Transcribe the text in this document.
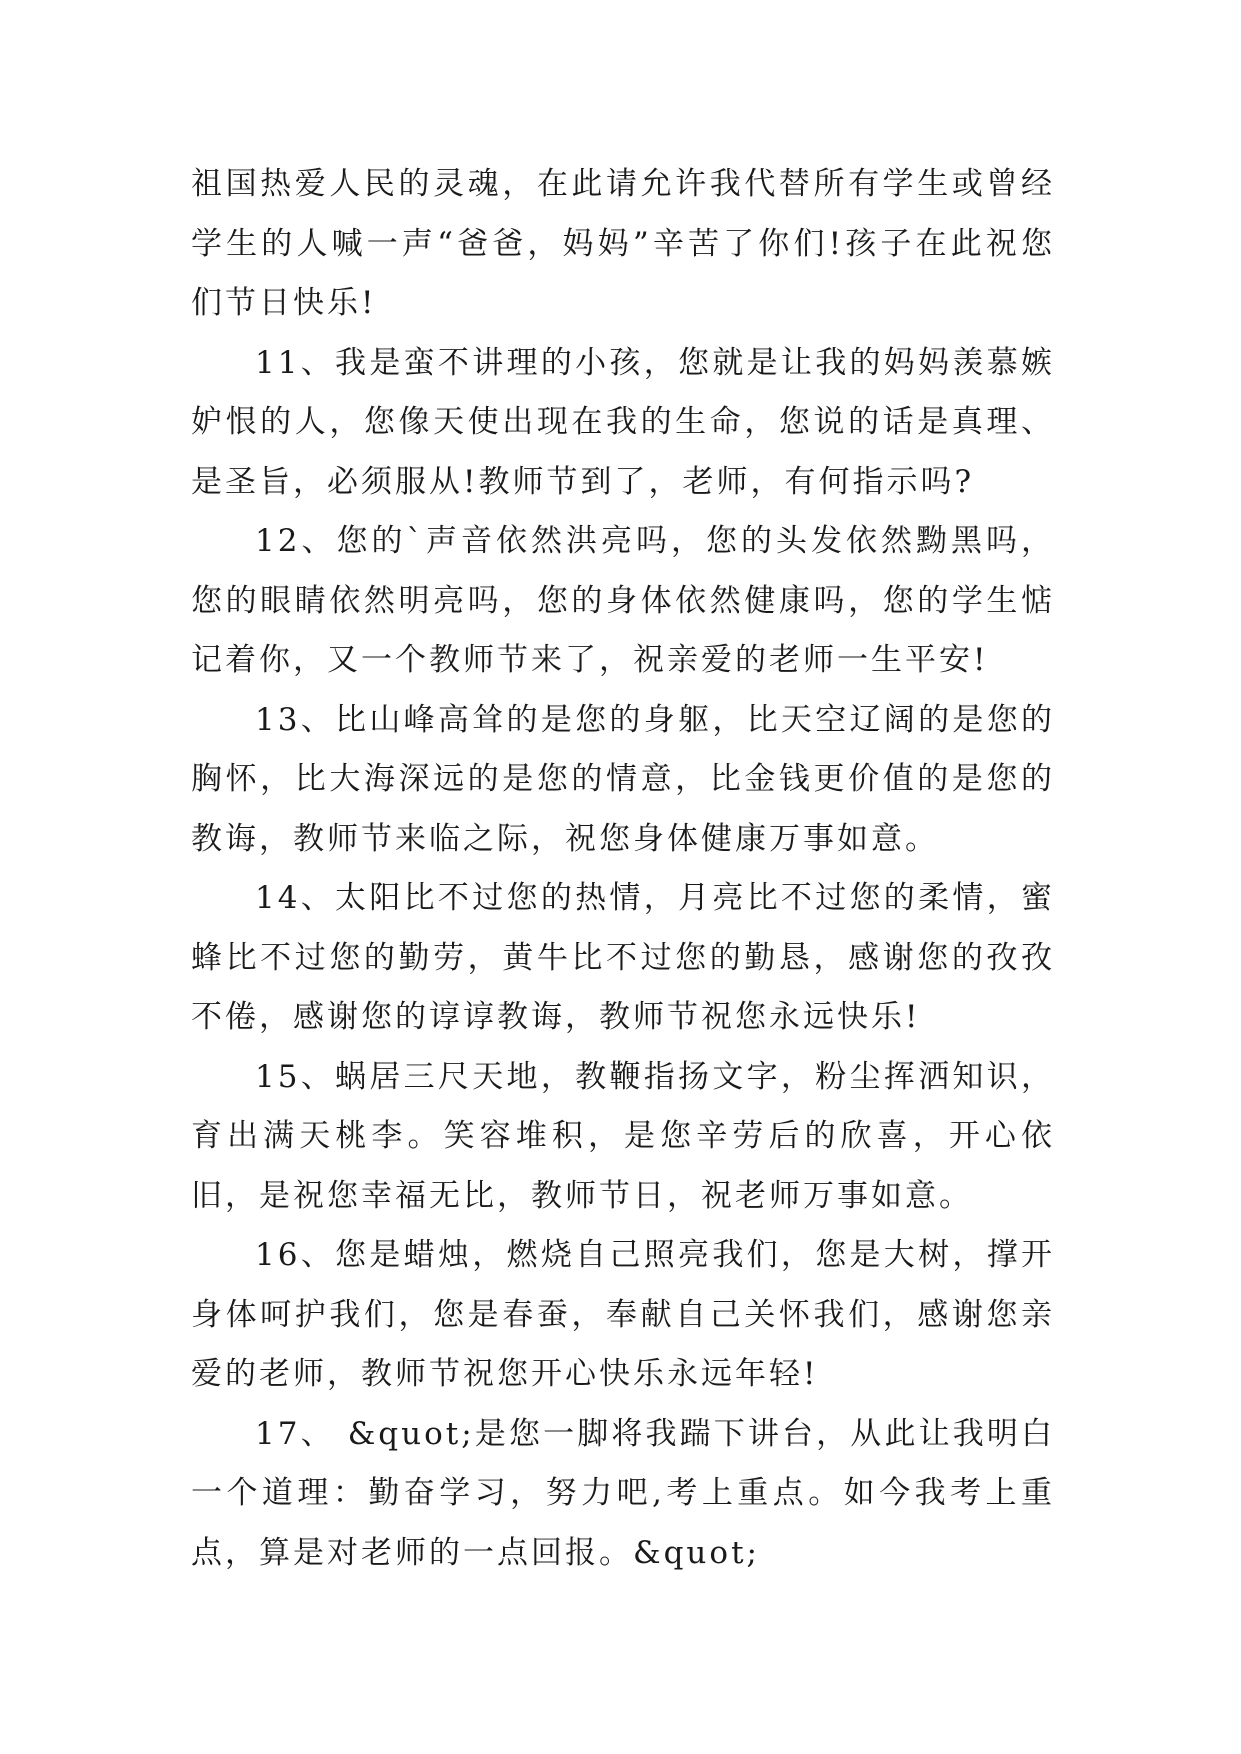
祖国热爱人民的灵魂，在此请允许我代替所有学生或曾经学生的人喊一声“爸爸，妈妈”辛苦了你们!孩子在此祝您们节日快乐!

11、我是蛮不讲理的小孩，您就是让我的妈妈羡慕嫉妒恨的人，您像天使出现在我的生命，您说的话是真理、是圣旨，必须服从!教师节到了，老师，有何指示吗?

12、您的`声音依然洪亮吗，您的头发依然黝黑吗，您的眼睛依然明亮吗，您的身体依然健康吗，您的学生惦记着你，又一个教师节来了，祝亲爱的老师一生平安!

13、比山峰高耸的是您的身躯，比天空辽阔的是您的胸怀，比大海深远的是您的情意，比金钱更价值的是您的教诲，教师节来临之际，祝您身体健康万事如意。

14、太阳比不过您的热情，月亮比不过您的柔情，蜜蜂比不过您的勤劳，黄牛比不过您的勤恳，感谢您的孜孜不倦，感谢您的谆谆教诲，教师节祝您永远快乐!

15、蜗居三尺天地，教鞭指扬文字，粉尘挥洒知识，育出满天桃李。笑容堆积，是您辛劳后的欣喜，开心依旧，是祝您幸福无比，教师节日，祝老师万事如意。

16、您是蜡烛，燃烧自己照亮我们，您是大树，撑开身体呵护我们，您是春蚕，奉献自己关怀我们，感谢您亲爱的老师，教师节祝您开心快乐永远年轻!

17、 &quot;是您一脚将我踹下讲台，从此让我明白一个道理：勤奋学习，努力吧,考上重点。如今我考上重点，算是对老师的一点回报。&quot;
